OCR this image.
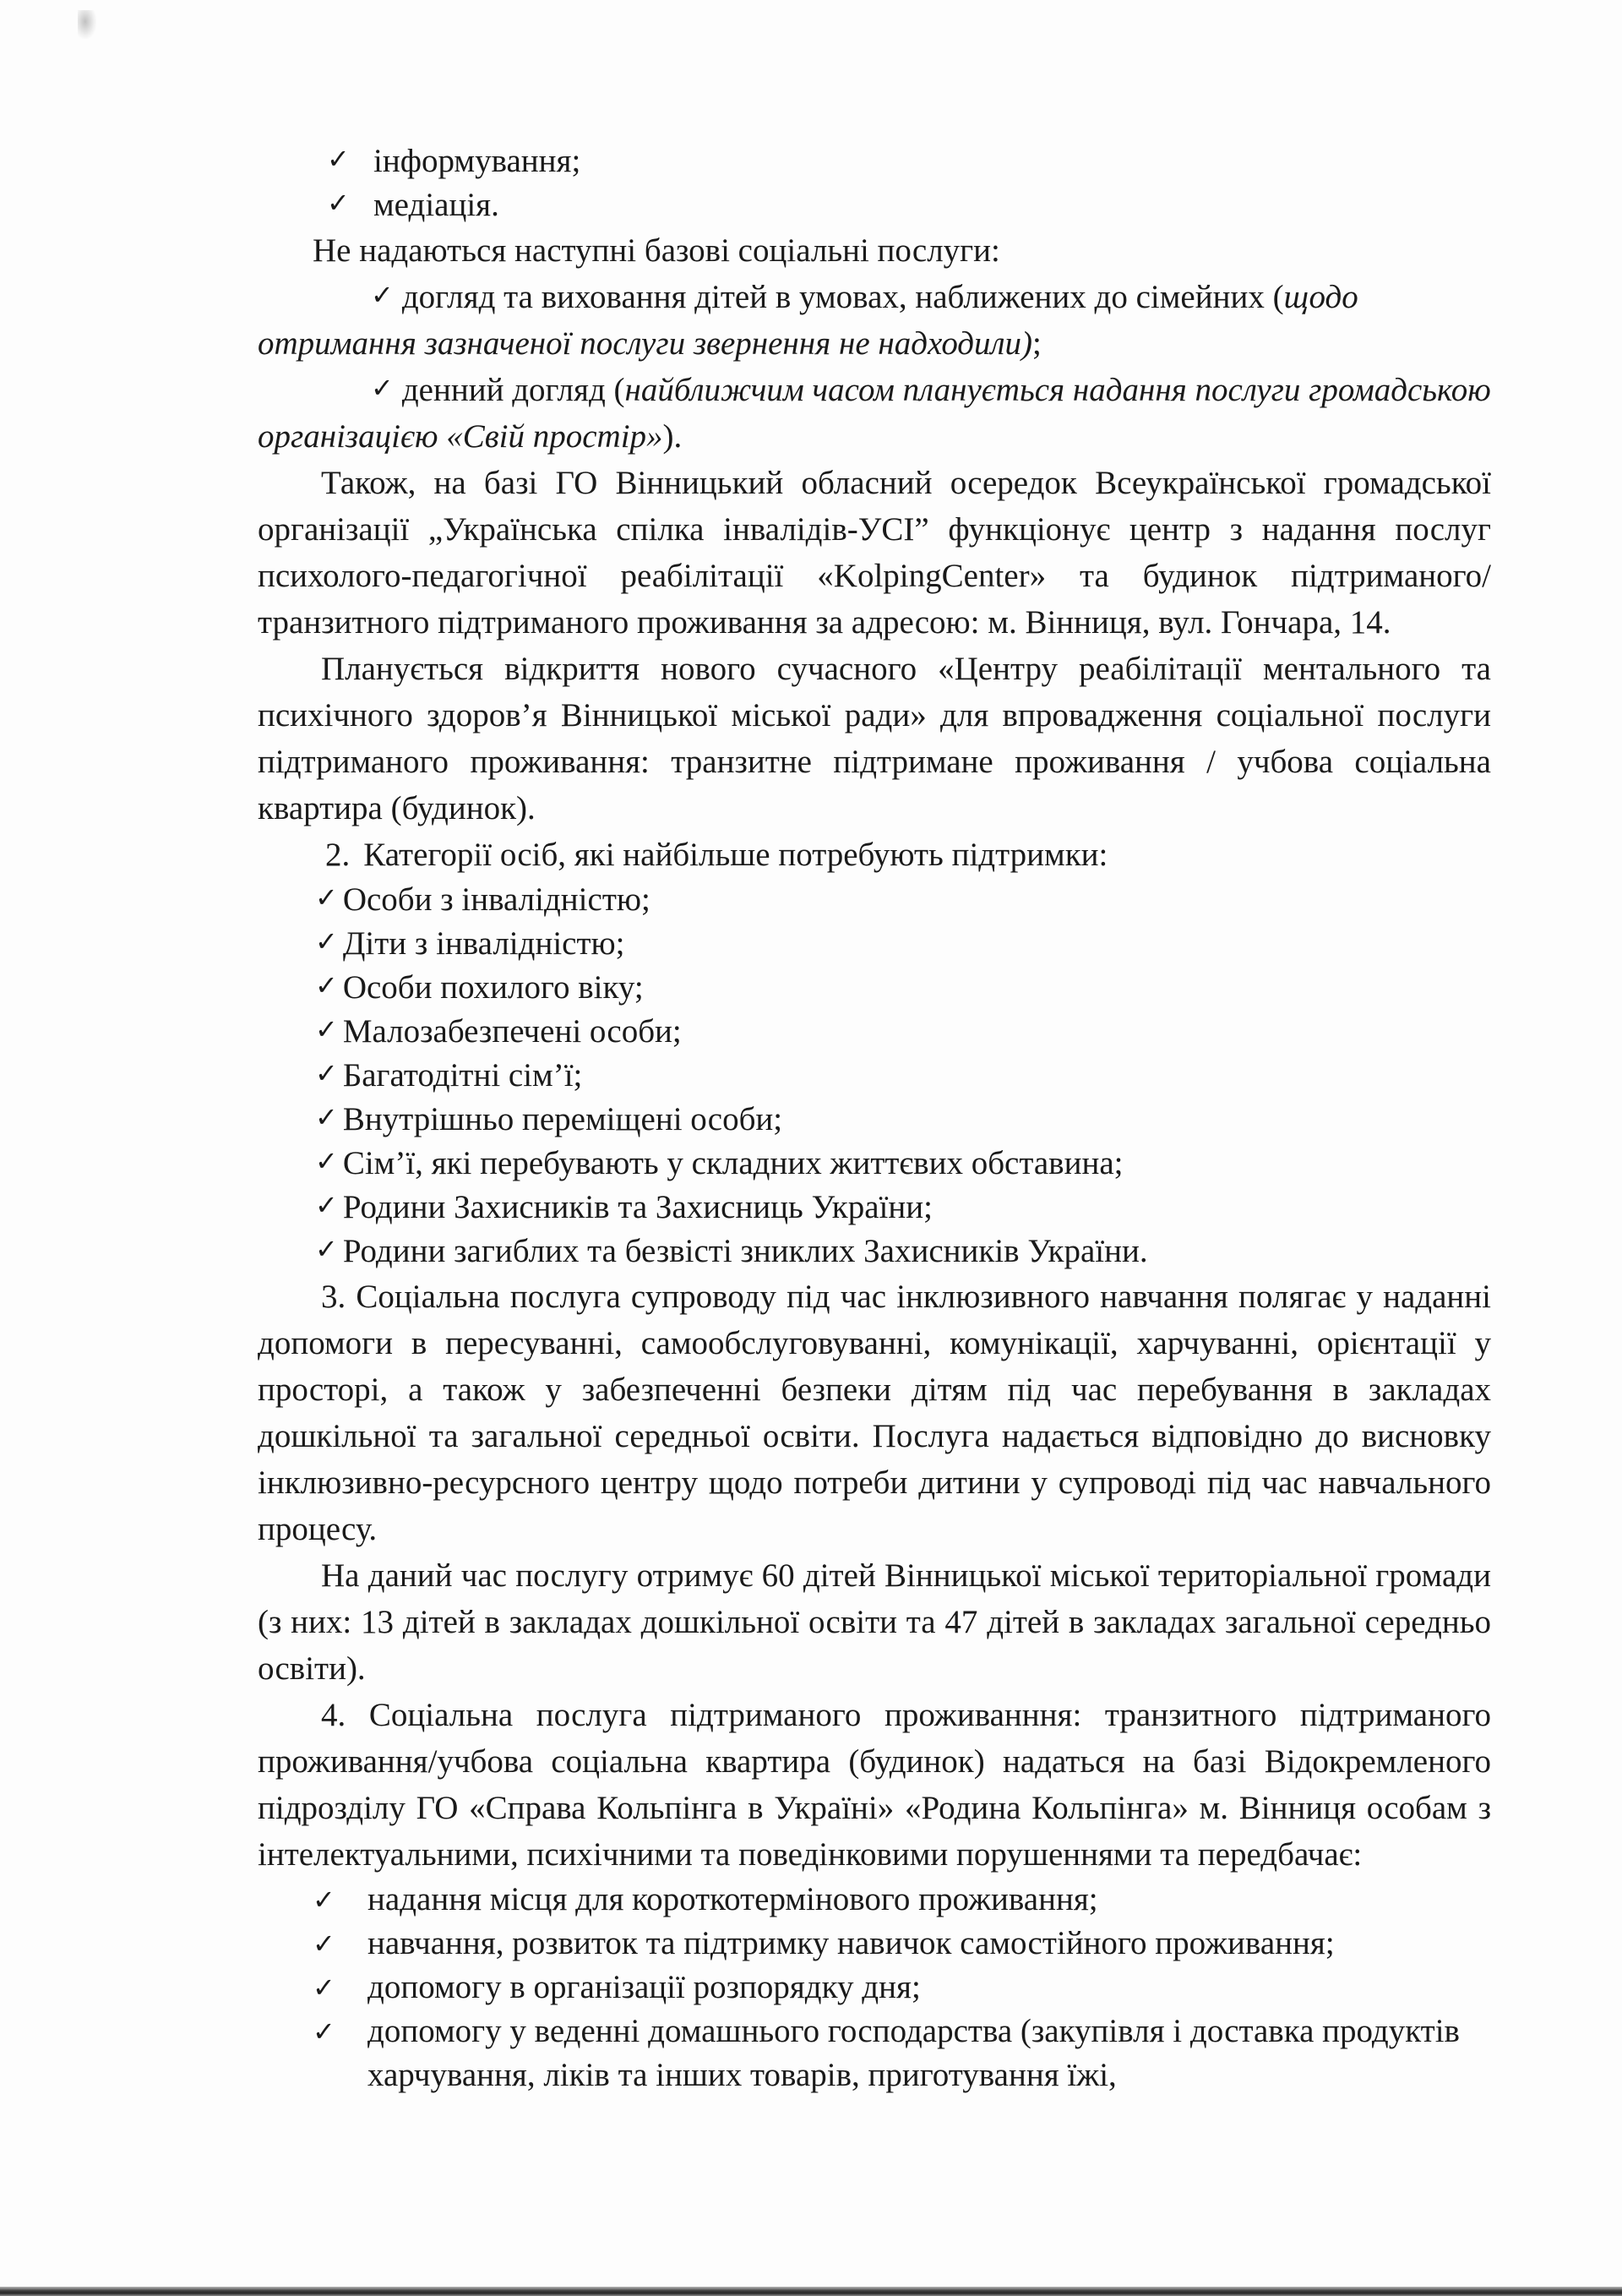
✓ інформування;
✓ медіація.

Не надаються наступні базові соціальні послуги:

✓ догляд та виховання дітей в умовах, наближених до сімейних (щодо отримання зазначеної послуги звернення не надходили);

✓ денний догляд (найближчим часом планується надання послуги громадською організацією «Свій простір»).

Також, на базі ГО Вінницький обласний осередок Всеукраїнської громадської організації „Українська спілка інвалідів-УСІ” функціонує центр з надання послуг психолого-педагогічної реабілітації «KolpingCenter» та будинок підтриманого/транзитного підтриманого проживання за адресою: м. Вінниця, вул. Гончара, 14.

Планується відкриття нового сучасного «Центру реабілітації ментального та психічного здоров’я Вінницької міської ради» для впровадження соціальної послуги підтриманого проживання: транзитне підтримане проживання / учбова соціальна квартира (будинок).

2. Категорії осіб, які найбільше потребують підтримки:
✓ Особи з інвалідністю;
✓ Діти з інвалідністю;
✓ Особи похилого віку;
✓ Малозабезпечені особи;
✓ Багатодітні сім’ї;
✓ Внутрішньо переміщені особи;
✓ Сім’ї, які перебувають у складних життєвих обставина;
✓ Родини Захисників та Захисниць України;
✓ Родини загиблих та безвісті зниклих Захисників України.

3. Соціальна послуга супроводу під час інклюзивного навчання полягає у наданні допомоги в пересуванні, самообслуговуванні, комунікації, харчуванні, орієнтації у просторі, а також у забезпеченні безпеки дітям під час перебування в закладах дошкільної та загальної середньої освіти. Послуга надається відповідно до висновку інклюзивно-ресурсного центру щодо потреби дитини у супроводі під час навчального процесу.

На даний час послугу отримує 60 дітей Вінницької міської територіальної громади (з них: 13 дітей в закладах дошкільної освіти та 47 дітей в закладах загальної середньо освіти).

4. Соціальна послуга підтриманого проживанння: транзитного підтриманого проживання/учбова соціальна квартира (будинок) надаться на базі Відокремленого підрозділу ГО «Справа Кольпінга в Україні» «Родина Кольпінга» м. Вінниця особам з інтелектуальними, психічними та поведінковими порушеннями та передбачає:

✓ надання місця для короткотермінового проживання;
✓ навчання, розвиток та підтримку навичок самостійного проживання;
✓ допомогу в організації розпорядку дня;
✓ допомогу у веденні домашнього господарства (закупівля і доставка продуктів харчування, ліків та інших товарів, приготування їжі,
